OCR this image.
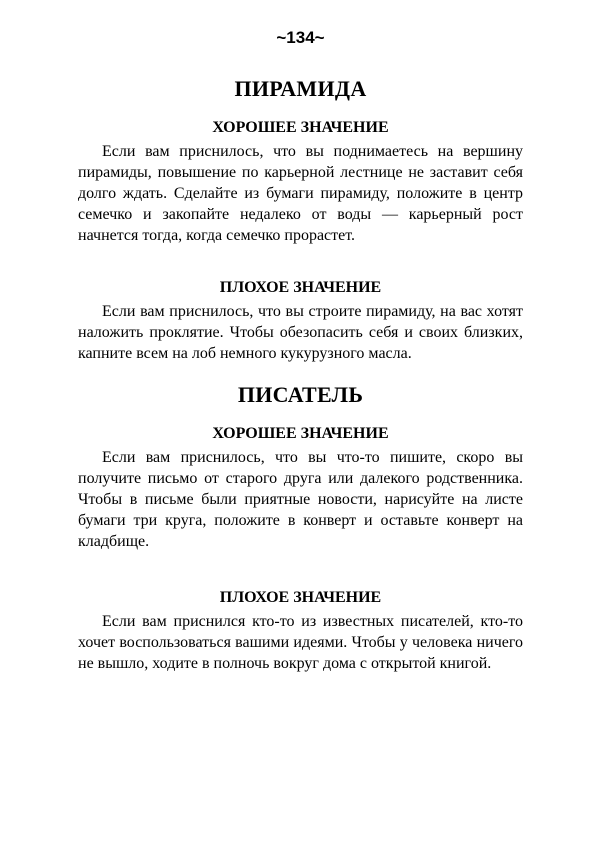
~134~
ПИРАМИДА
ХОРОШЕЕ ЗНАЧЕНИЕ

Если вам приснилось, что вы поднимаетесь на вершину пирамиды, повышение по карьерной лестнице не заставит себя долго ждать. Сделайте из бумаги пирамиду, положите в центр семечко и закопайте недалеко от воды — карьерный рост начнется тогда, когда семечко прорастет.

ПЛОХОЕ ЗНАЧЕНИЕ

Если вам приснилось, что вы строите пирамиду, на вас хотят наложить проклятие. Чтобы обезопасить себя и своих близких, капните всем на лоб немного кукурузного масла.

ПИСАТЕЛЬ
ХОРОШЕЕ ЗНАЧЕНИЕ

Если вам приснилось, что вы что-то пишите, скоро вы получите письмо от старого друга или далекого родственника. Чтобы в письме были приятные новости, нарисуйте на листе бумаги три круга, положите в конверт и оставьте конверт на кладбище.

ПЛОХОЕ ЗНАЧЕНИЕ

Если вам приснился кто-то из известных писателей, кто-то хочет воспользоваться вашими идеями. Чтобы у человека ничего не вышло, ходите в полночь вокруг дома с открытой книгой.
